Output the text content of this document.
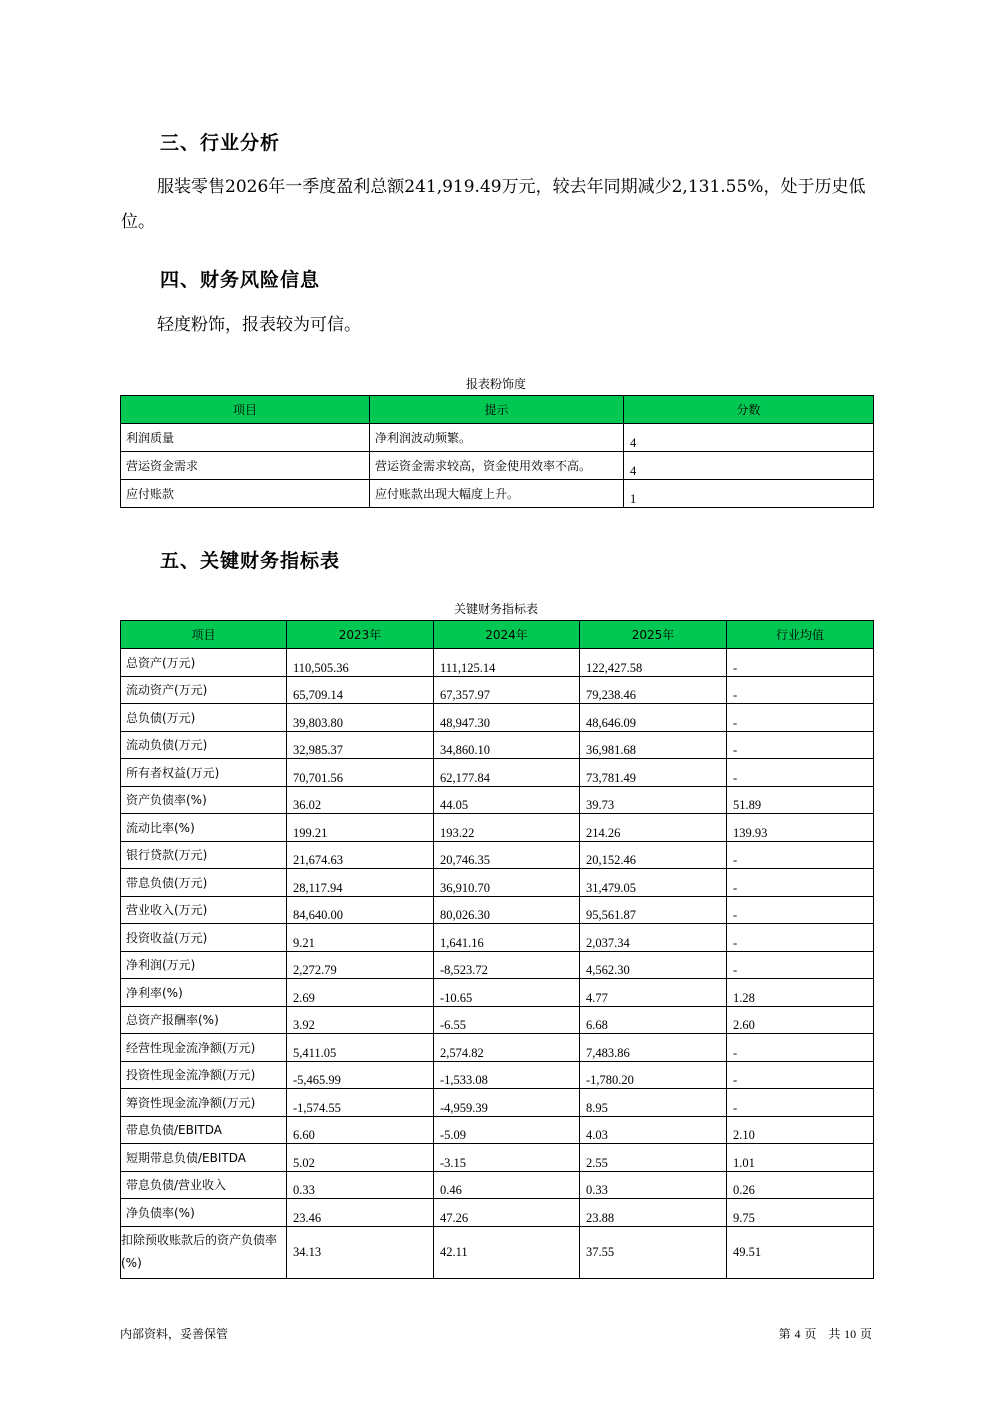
三、行业分析
服装零售2026年一季度盈利总额241,919.49万元，较去年同期减少2,131.55%，处于历史低
位。
四、财务风险信息
轻度粉饰，报表较为可信。
报表粉饰度
项目	提示	分数
利润质量	净利润波动频繁。	4
营运资金需求	营运资金需求较高，资金使用效率不高。	4
应付账款	应付账款出现大幅度上升。	1
五、关键财务指标表
关键财务指标表
项目	2023年	2024年	2025年	行业均值
总资产(万元)	110,505.36	111,125.14	122,427.58	-
流动资产(万元)	65,709.14	67,357.97	79,238.46	-
总负债(万元)	39,803.80	48,947.30	48,646.09	-
流动负债(万元)	32,985.37	34,860.10	36,981.68	-
所有者权益(万元)	70,701.56	62,177.84	73,781.49	-
资产负债率(%)	36.02	44.05	39.73	51.89
流动比率(%)	199.21	193.22	214.26	139.93
银行贷款(万元)	21,674.63	20,746.35	20,152.46	-
带息负债(万元)	28,117.94	36,910.70	31,479.05	-
营业收入(万元)	84,640.00	80,026.30	95,561.87	-
投资收益(万元)	9.21	1,641.16	2,037.34	-
净利润(万元)	2,272.79	-8,523.72	4,562.30	-
净利率(%)	2.69	-10.65	4.77	1.28
总资产报酬率(%)	3.92	-6.55	6.68	2.60
经营性现金流净额(万元)	5,411.05	2,574.82	7,483.86	-
投资性现金流净额(万元)	-5,465.99	-1,533.08	-1,780.20	-
筹资性现金流净额(万元)	-1,574.55	-4,959.39	8.95	-
带息负债/EBITDA	6.60	-5.09	4.03	2.10
短期带息负债/EBITDA	5.02	-3.15	2.55	1.01
带息负债/营业收入	0.33	0.46	0.33	0.26
净负债率(%)	23.46	47.26	23.88	9.75
扣除预收账款后的资产负债率(%)	34.13	42.11	37.55	49.51
内部资料，妥善保管	第 4 页　共 10 页
